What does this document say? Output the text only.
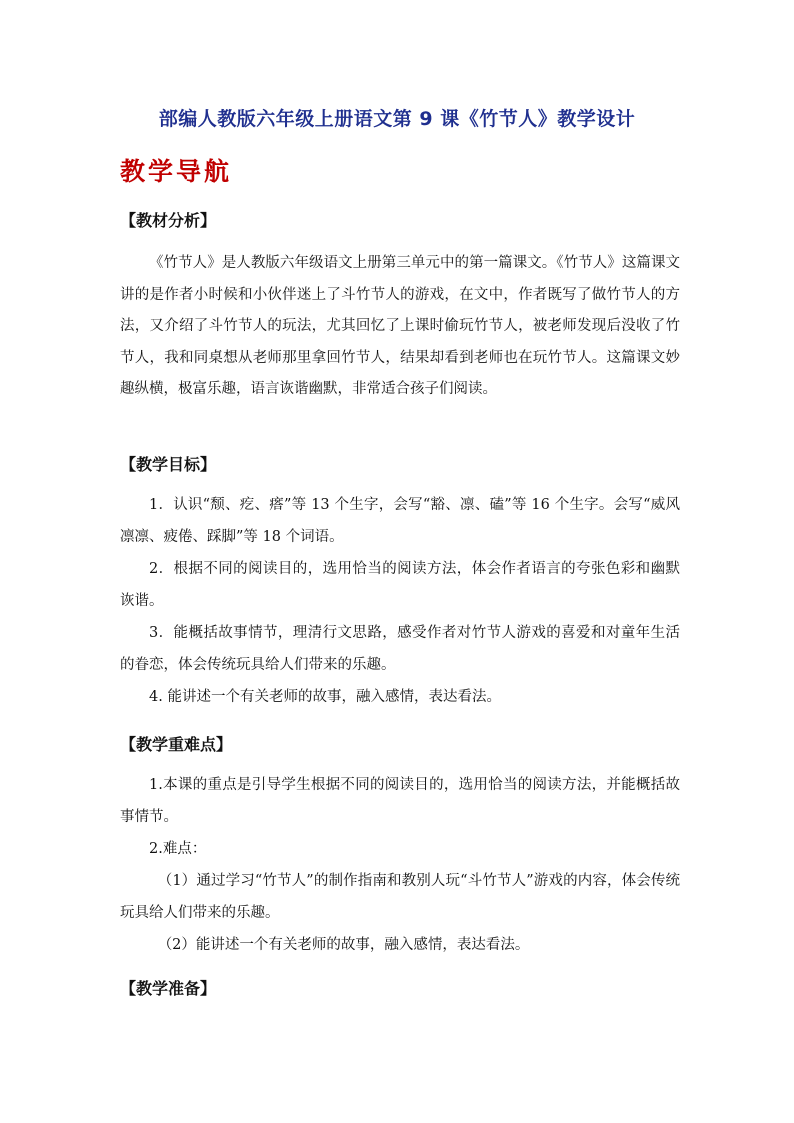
部编人教版六年级上册语文第 9 课《竹节人》教学设计
教学导航
【教材分析】

《竹节人》是人教版六年级语文上册第三单元中的第一篇课文。《竹节人》这篇课文讲的是作者小时候和小伙伴迷上了斗竹节人的游戏，在文中，作者既写了做竹节人的方法，又介绍了斗竹节人的玩法，尤其回忆了上课时偷玩竹节人，被老师发现后没收了竹节人，我和同桌想从老师那里拿回竹节人，结果却看到老师也在玩竹节人。这篇课文妙趣纵横，极富乐趣，语言诙谐幽默，非常适合孩子们阅读。

【教学目标】

1．认识“颓、疙、瘩”等 13 个生字，会写“豁、凛、磕”等 16 个生字。会写“威风凛凛、疲倦、踩脚”等 18 个词语。

2．根据不同的阅读目的，选用恰当的阅读方法，体会作者语言的夸张色彩和幽默诙谐。

3．能概括故事情节，理清行文思路，感受作者对竹节人游戏的喜爱和对童年生活的眷恋，体会传统玩具给人们带来的乐趣。

4. 能讲述一个有关老师的故事，融入感情，表达看法。

【教学重难点】

1.本课的重点是引导学生根据不同的阅读目的，选用恰当的阅读方法，并能概括故事情节。

2.难点：

（1）通过学习“竹节人”的制作指南和教别人玩“斗竹节人”游戏的内容，体会传统玩具给人们带来的乐趣。

（2）能讲述一个有关老师的故事，融入感情，表达看法。

【教学准备】
